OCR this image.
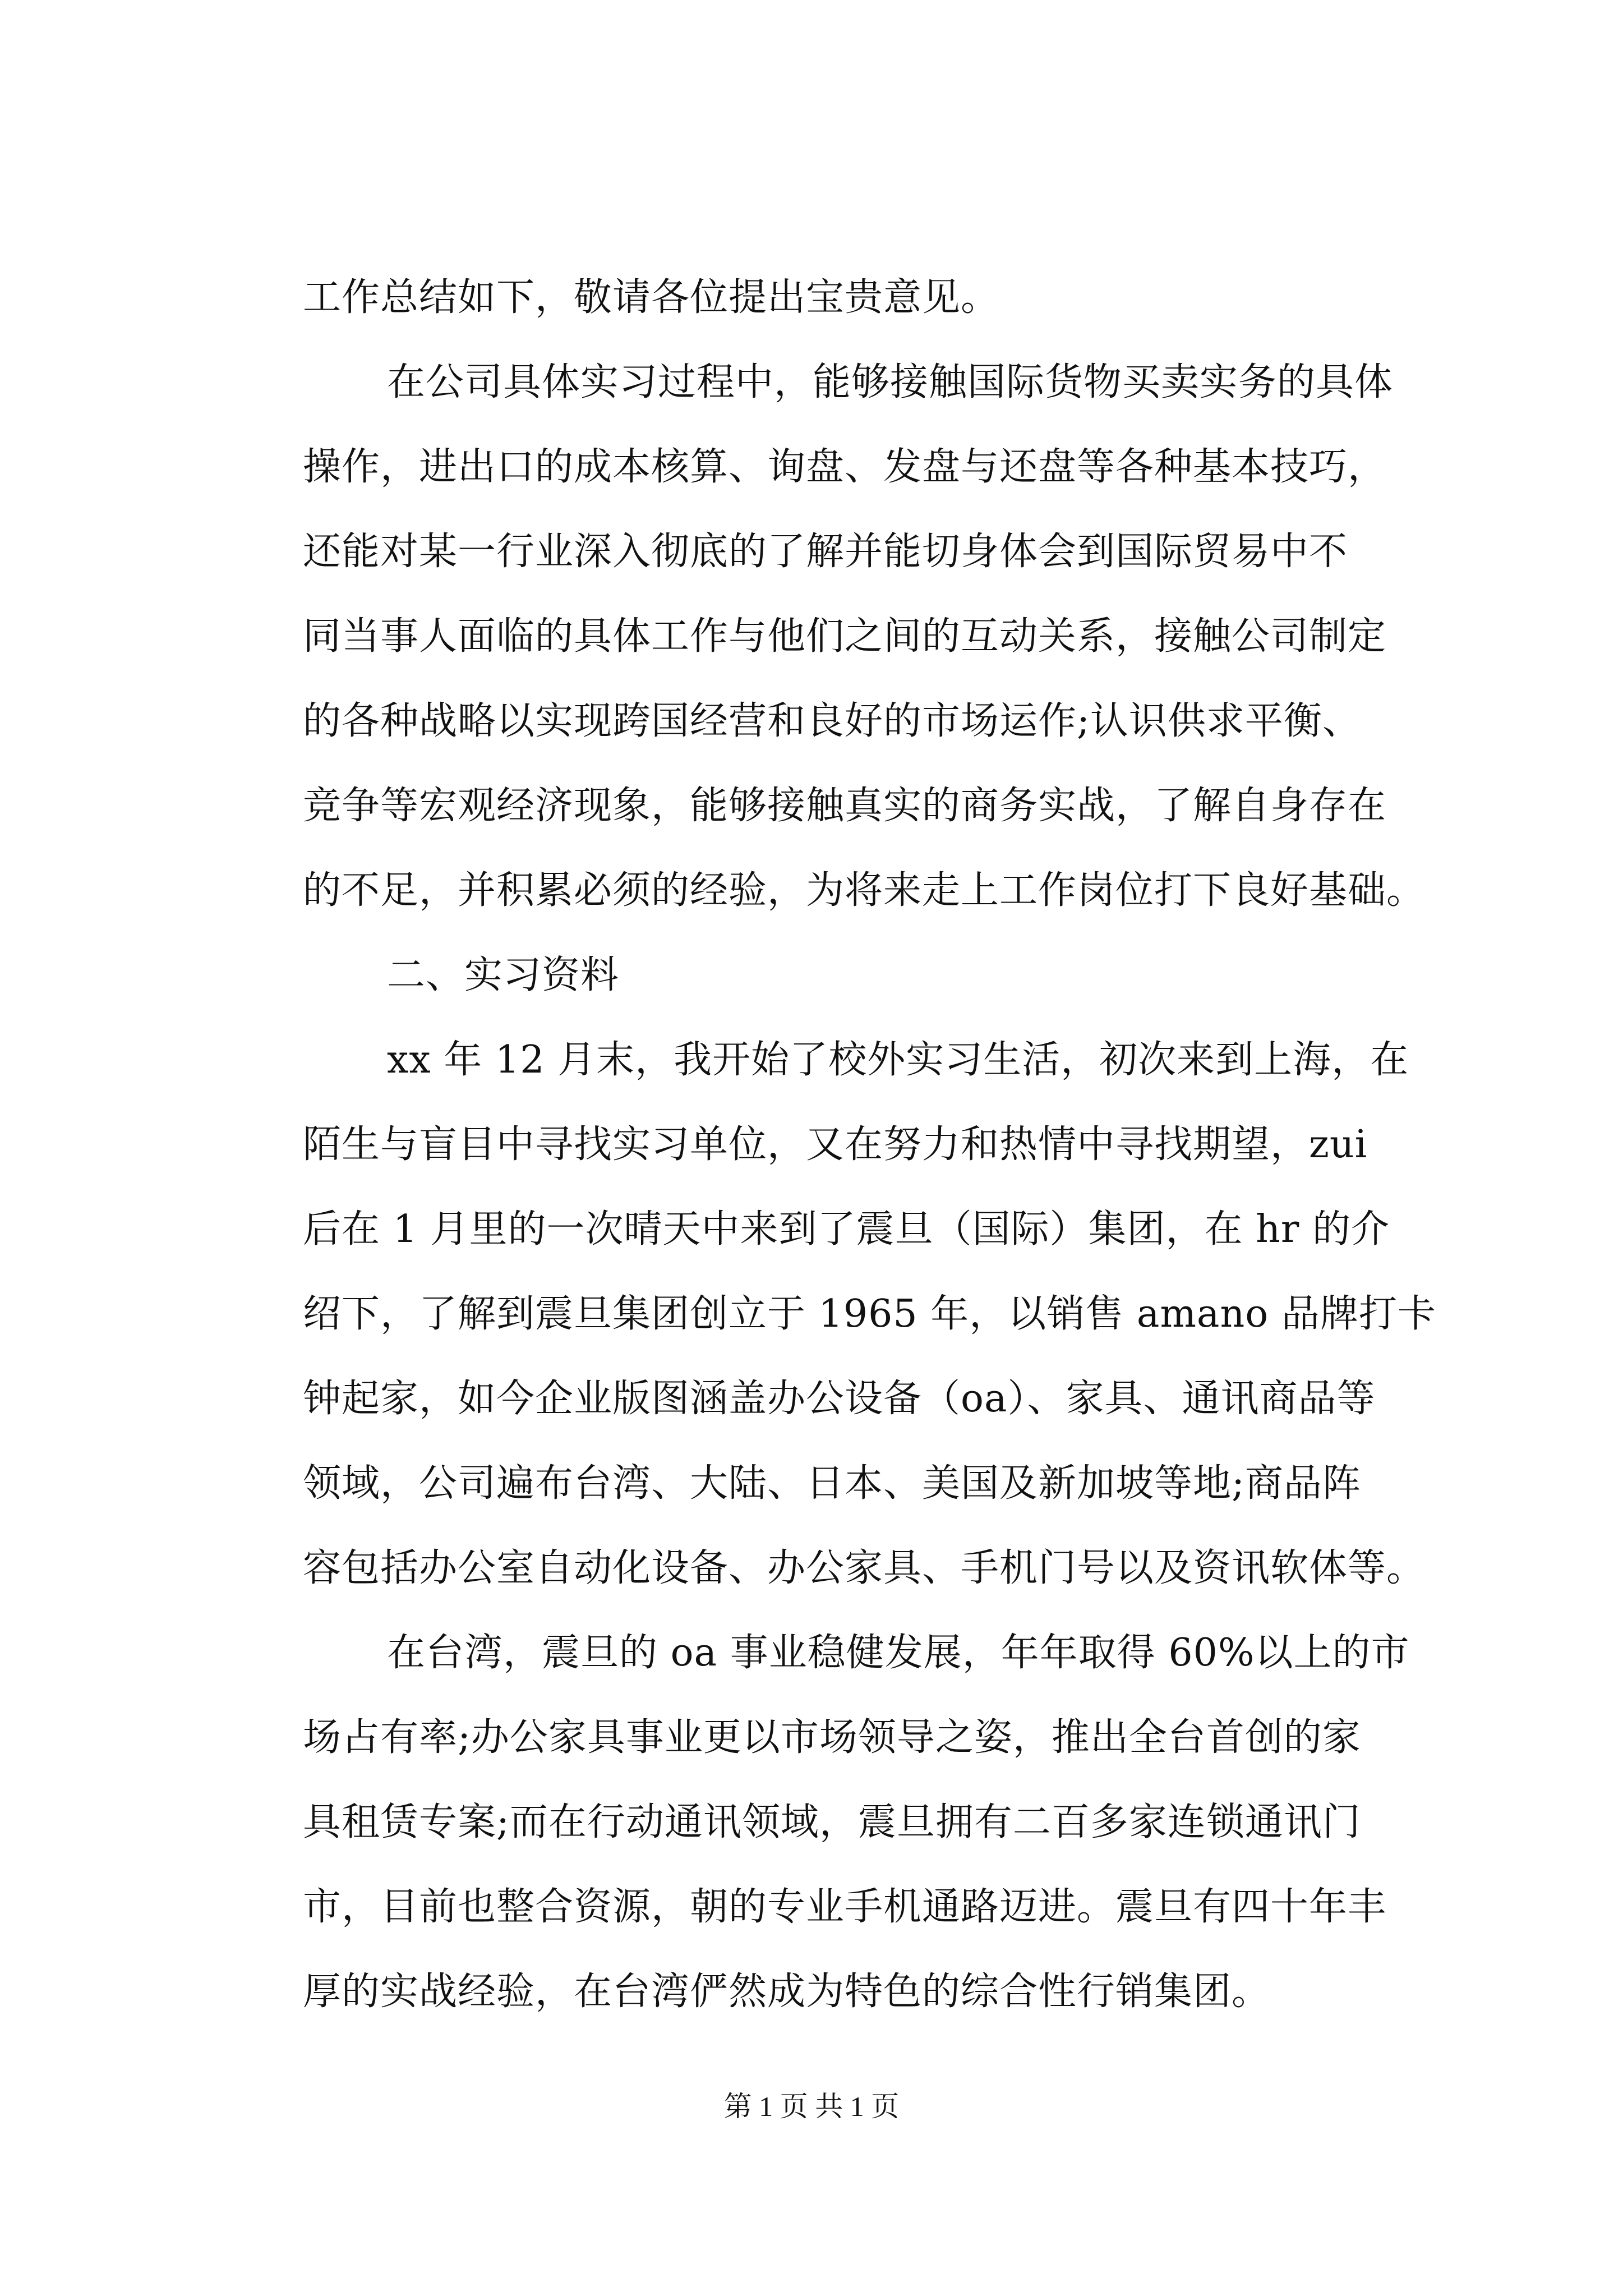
工作总结如下，敬请各位提出宝贵意见。
在公司具体实习过程中，能够接触国际货物买卖实务的具体
操作，进出口的成本核算、询盘、发盘与还盘等各种基本技巧，
还能对某一行业深入彻底的了解并能切身体会到国际贸易中不
同当事人面临的具体工作与他们之间的互动关系，接触公司制定
的各种战略以实现跨国经营和良好的市场运作;认识供求平衡、
竞争等宏观经济现象，能够接触真实的商务实战，了解自身存在
的不足，并积累必须的经验，为将来走上工作岗位打下良好基础。
二、实习资料
xx 年 12 月末，我开始了校外实习生活，初次来到上海，在
陌生与盲目中寻找实习单位，又在努力和热情中寻找期望，zui
后在 1 月里的一次晴天中来到了震旦（国际）集团，在 hr 的介
绍下，了解到震旦集团创立于 1965 年，以销售 amano 品牌打卡
钟起家，如今企业版图涵盖办公设备（oa）、家具、通讯商品等
领域，公司遍布台湾、大陆、日本、美国及新加坡等地;商品阵
容包括办公室自动化设备、办公家具、手机门号以及资讯软体等。
在台湾，震旦的 oa 事业稳健发展，年年取得 60%以上的市
场占有率;办公家具事业更以市场领导之姿，推出全台首创的家
具租赁专案;而在行动通讯领域，震旦拥有二百多家连锁通讯门
市，目前也整合资源，朝的专业手机通路迈进。震旦有四十年丰
厚的实战经验，在台湾俨然成为特色的综合性行销集团。
第 1 页 共 1 页
